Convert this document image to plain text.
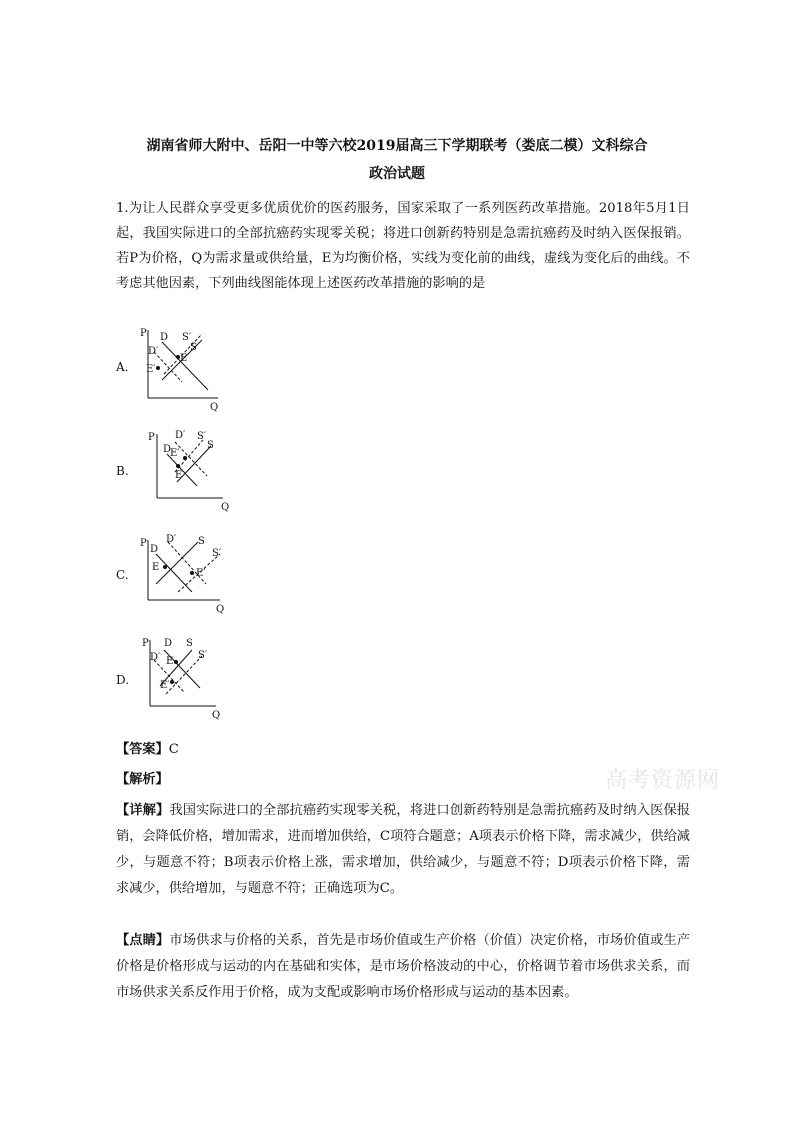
湖南省师大附中、岳阳一中等六校2019届高三下学期联考（娄底二模）文科综合
政治试题
1.为让人民群众享受更多优质优价的医药服务，国家采取了一系列医药改革措施。2018年5月1日起，我国实际进口的全部抗癌药实现零关税；将进口创新药特别是急需抗癌药及时纳入医保报销。若P为价格，Q为需求量或供给量，E为均衡价格，实线为变化前的曲线，虚线为变化后的曲线。不考虑其他因素，下列曲线图能体现上述医药改革措施的影响的是
A.
P
Q
D
D′
S′
S
E
E′
B.
P
Q
D
D′ S′
S
E
E′
C.
P
Q
D
D′ S
S′
E
E′
D.
P
Q
D
D′
S
S′
E
E′
【答案】C
【解析】	高考资源网
【详解】我国实际进口的全部抗癌药实现零关税，将进口创新药特别是急需抗癌药及时纳入医保报销，会降低价格，增加需求，进而增加供给，C项符合题意；A项表示价格下降，需求减少，供给减少，与题意不符；B项表示价格上涨，需求增加，供给减少，与题意不符；D项表示价格下降，需求减少，供给增加，与题意不符；正确选项为C。
【点睛】市场供求与价格的关系，首先是市场价值或生产价格（价值）决定价格，市场价值或生产价格是价格形成与运动的内在基础和实体，是市场价格波动的中心，价格调节着市场供求关系，而市场供求关系反作用于价格，成为支配或影响市场价格形成与运动的基本因素。
